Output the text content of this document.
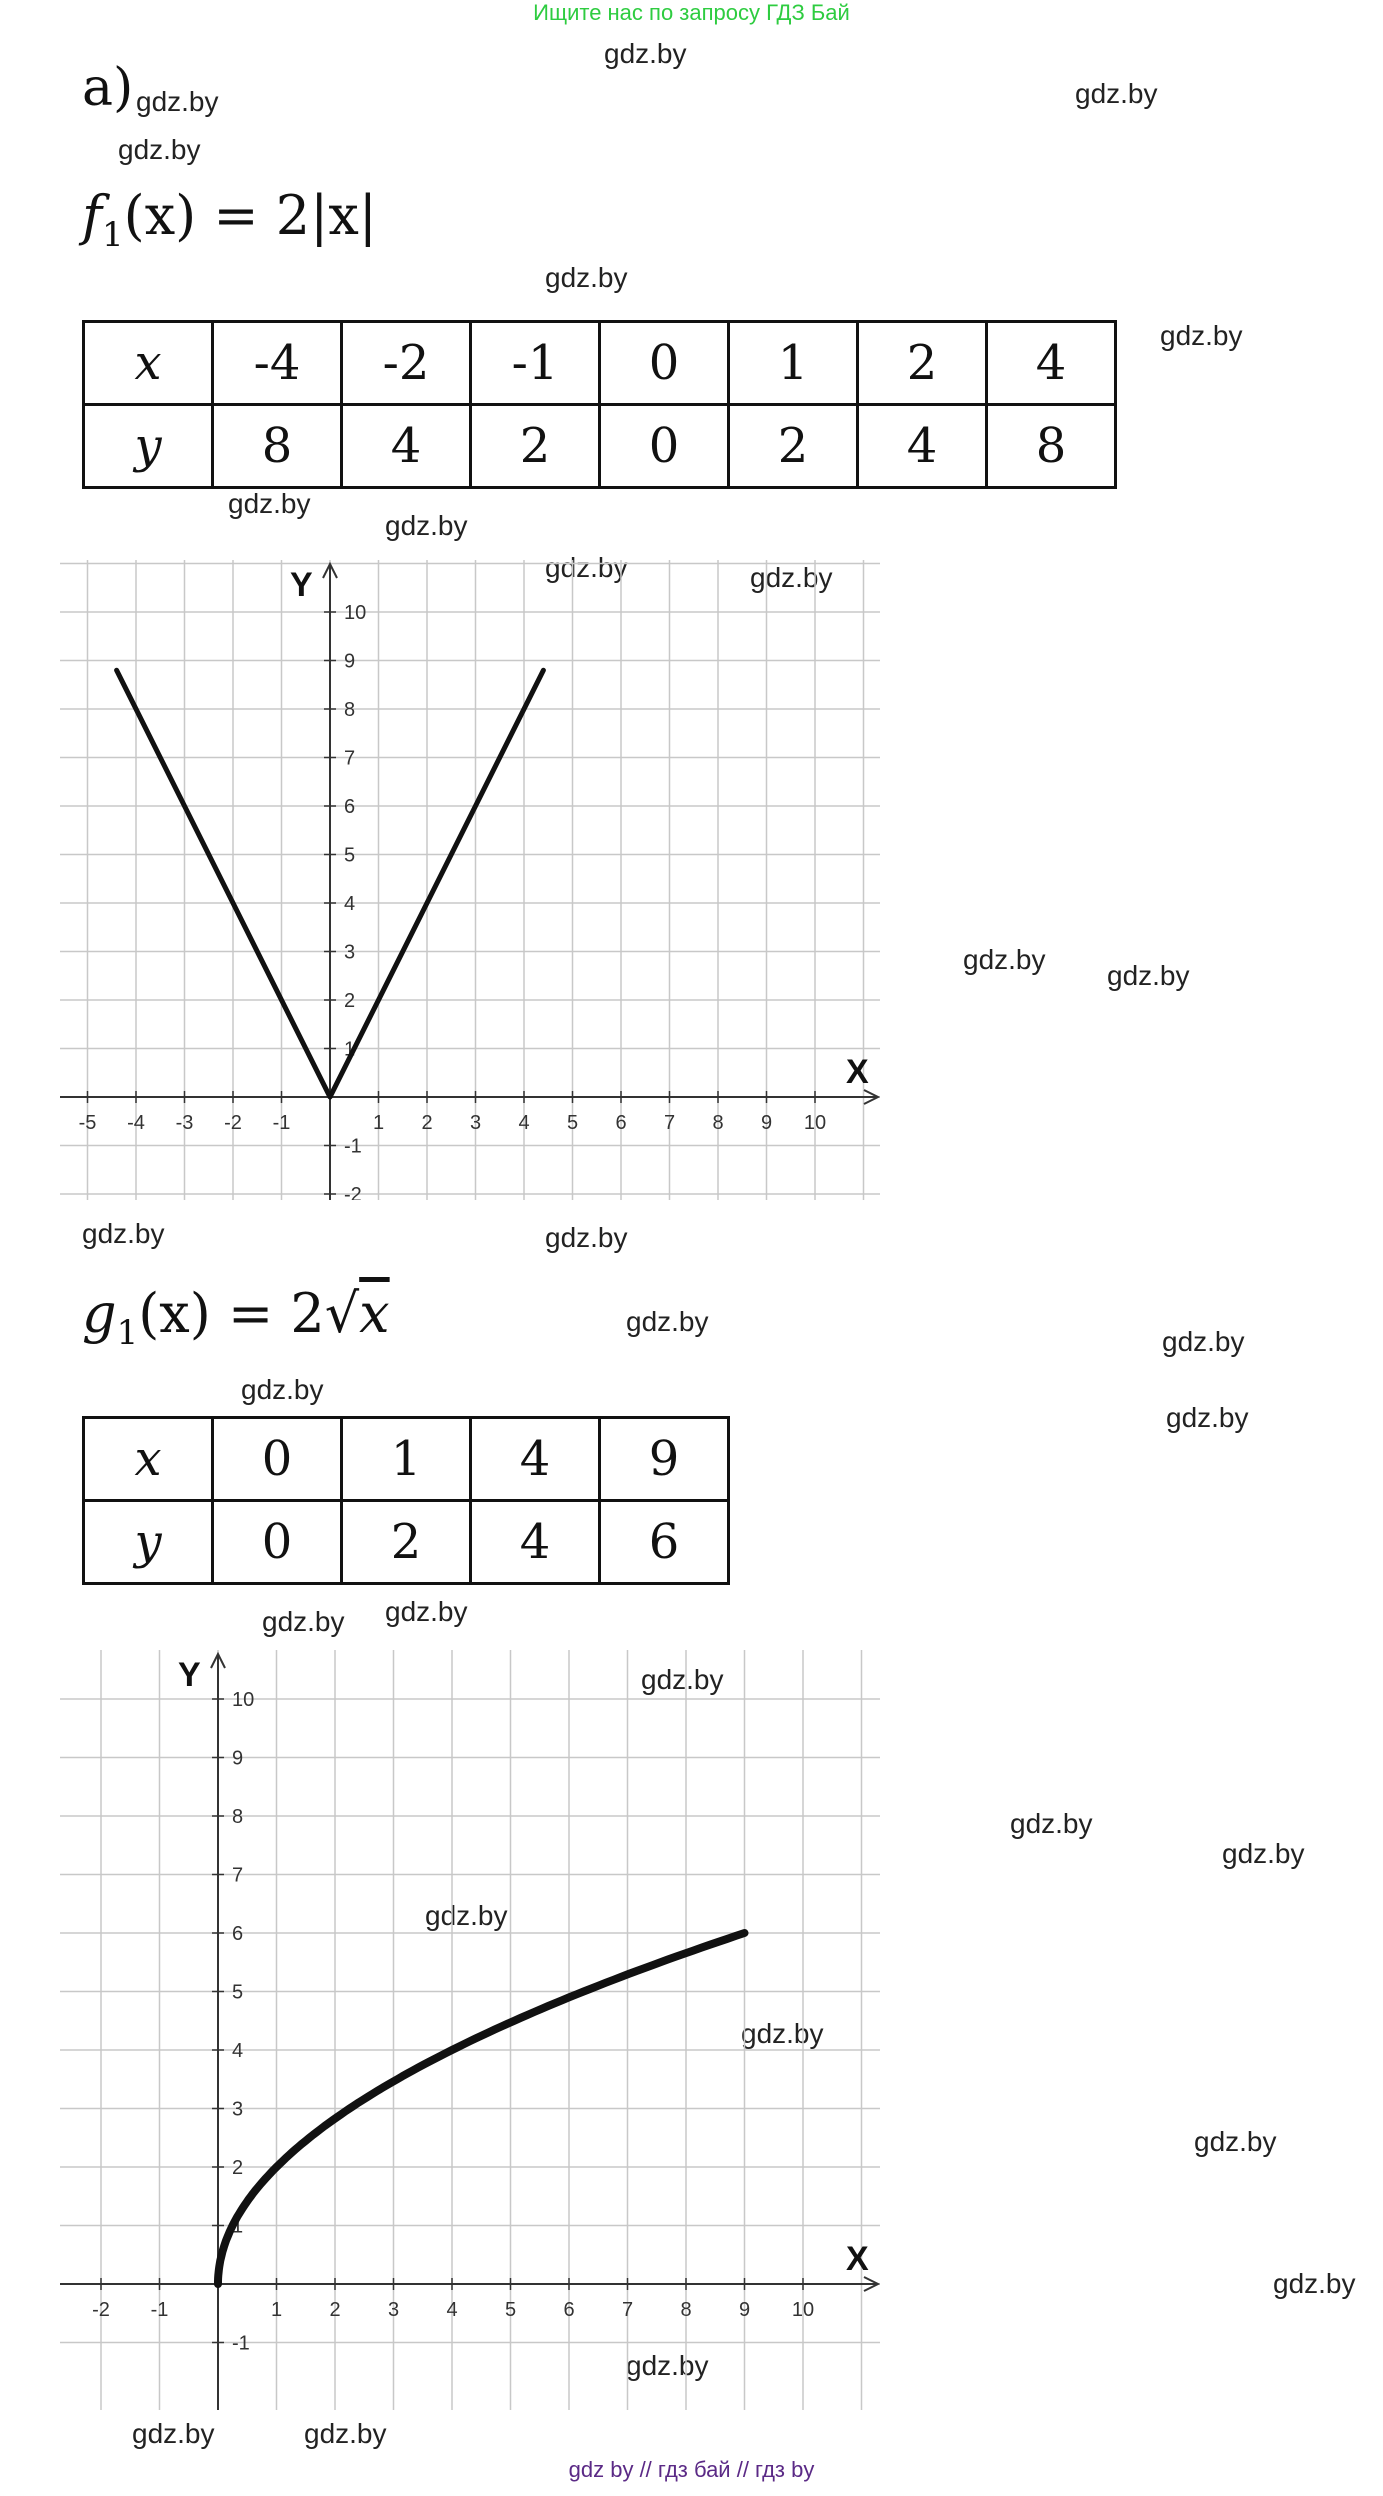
Ищите нас по запросу ГДЗ Бай
gdz by // гдз бай // гдз by
a)
gdz.by
gdz.by	gdz.by
gdz.by
gdz.by
gdz.by
gdz.by
gdz.by
gdz.by	gdz.by
gdz.by
gdz.by
gdz.by	gdz.by
gdz.by
gdz.by
gdz.by
gdz.by
gdz.by gdz.by
gdz.by
gdz.by
gdz.by
gdz.by
gdz.by
gdz.by
gdz.by
gdz.by
gdz.by	gdz.by
$f_1(x) = 2|x|$
x	-4	-2	-1	0	1	2	4
y	8	4	2	0	2	4	8
-5 -4 -3 -2 -1	1 2 3 4 5 6 7 8 9 10
10
9
8
7
6
5
4
3
2
1
-1
-2
X
Y
$g_1(x) = 2√x$
x	0	1	4	9
y	0	2	4	6
-2 -1	1 2 3 4 5 6 7 8 9 10
10
9
8
7
6
5
4
3
2
1
-1
X
Y
